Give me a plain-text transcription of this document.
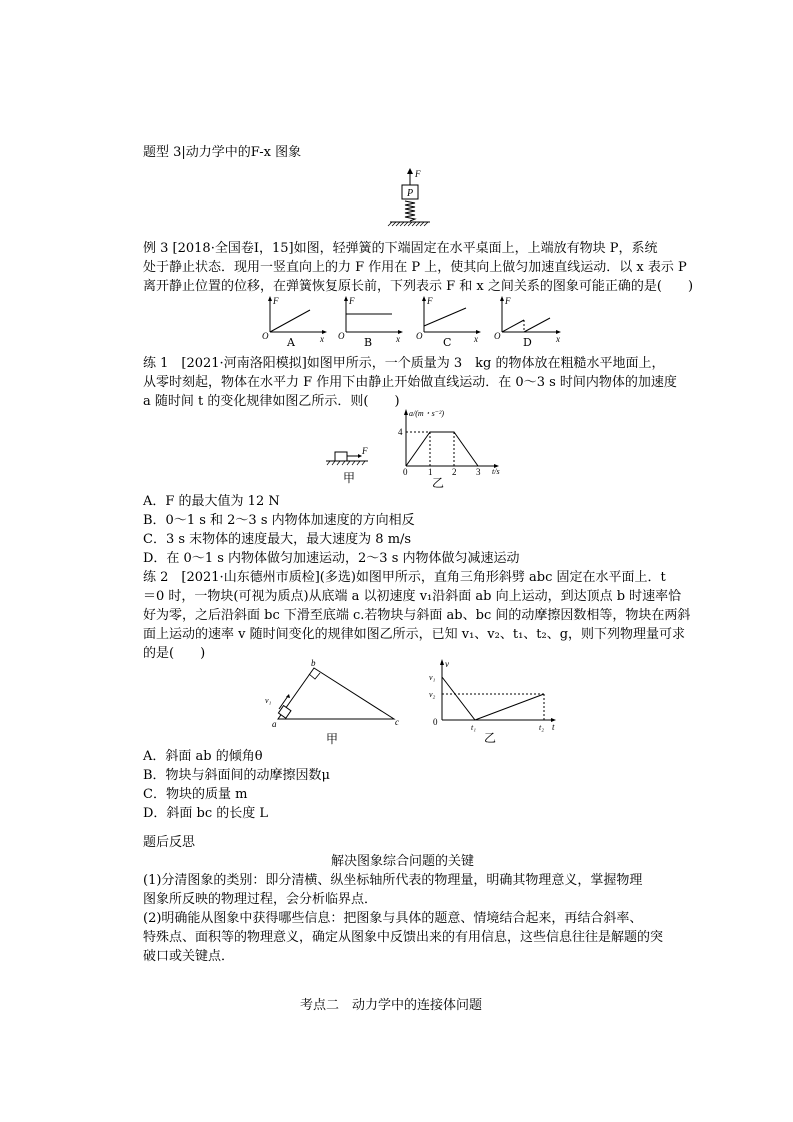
题型 3|动力学中的F-x 图象
F
P
例 3 [2018·全国卷Ⅰ，15]如图，轻弹簧的下端固定在水平桌面上，上端放有物块 P，系统
处于静止状态．现用一竖直向上的力 F 作用在 P 上，使其向上做匀加速直线运动．以 x 表示 P
离开静止位置的位移，在弹簧恢复原长前，下列表示 F 和 x 之间关系的图象可能正确的是(　　)
F
O	x
A
F
O	x
B
F
O	x
C
F
O	x
D
练 1　[2021·河南洛阳模拟]如图甲所示，一个质量为 3　kg 的物体放在粗糙水平地面上，
从零时刻起，物体在水平力 F 作用下由静止开始做直线运动．在 0～3 s 时间内物体的加速度
a 随时间 t 的变化规律如图乙所示．则(　　)
F
甲
a/(m・s⁻²)
4
0 1 2 3 t/s
乙
A．F 的最大值为 12 N
B．0～1 s 和 2～3 s 内物体加速度的方向相反
C．3 s 末物体的速度最大，最大速度为 8 m/s
D．在 0～1 s 内物体做匀加速运动，2～3 s 内物体做匀减速运动
练 2　[2021·山东德州市质检](多选)如图甲所示，直角三角形斜劈 abc 固定在水平面上．t
＝0 时，一物块(可视为质点)从底端 a 以初速度 v₁沿斜面 ab 向上运动，到达顶点 b 时速率恰
好为零，之后沿斜面 bc 下滑至底端 c.若物块与斜面 ab、bc 间的动摩擦因数相等，物块在两斜
面上运动的速率 v 随时间变化的规律如图乙所示，已知 v₁、v₂、t₁、t₂、g，则下列物理量可求
的是(　　)
b
a	c
v₁
甲
v
v₁
v₂
0
t₁	t₂ t
乙
A．斜面 ab 的倾角θ
B．物块与斜面间的动摩擦因数μ
C．物块的质量 m
D．斜面 bc 的长度 L
题后反思
解决图象综合问题的关键
(1)分清图象的类别：即分清横、纵坐标轴所代表的物理量，明确其物理意义，掌握物理
图象所反映的物理过程，会分析临界点．
(2)明确能从图象中获得哪些信息：把图象与具体的题意、情境结合起来，再结合斜率、
特殊点、面积等的物理意义，确定从图象中反馈出来的有用信息，这些信息往往是解题的突
破口或关键点．
考点二　动力学中的连接体问题
